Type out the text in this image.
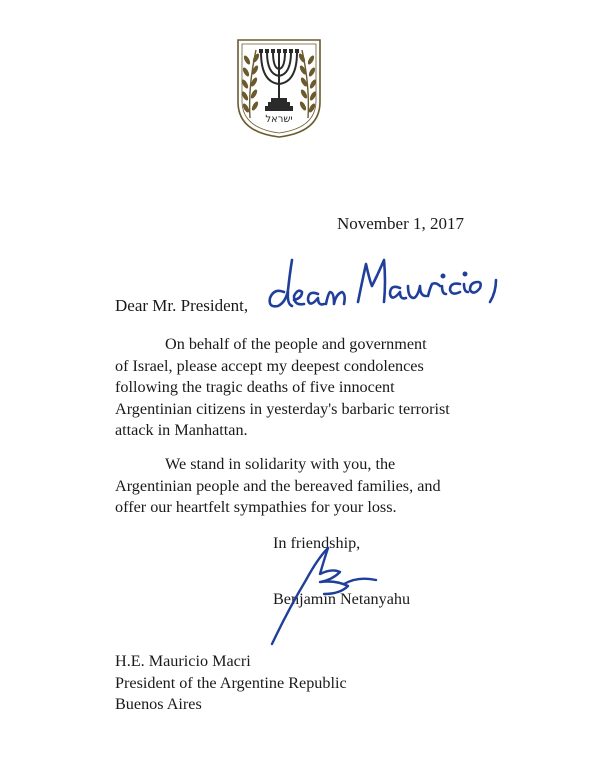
ישראל
November 1, 2017
Dear Mr. President,
dear Mauricio,
On behalf of the people and government
of Israel, please accept my deepest condolences
following the tragic deaths of five innocent
Argentinian citizens in yesterday's barbaric terrorist
attack in Manhattan.
We stand in solidarity with you, the
Argentinian people and the bereaved families, and
offer our heartfelt sympathies for your loss.
In friendship,
Benjamin Netanyahu
H.E. Mauricio Macri
President of the Argentine Republic
Buenos Aires
